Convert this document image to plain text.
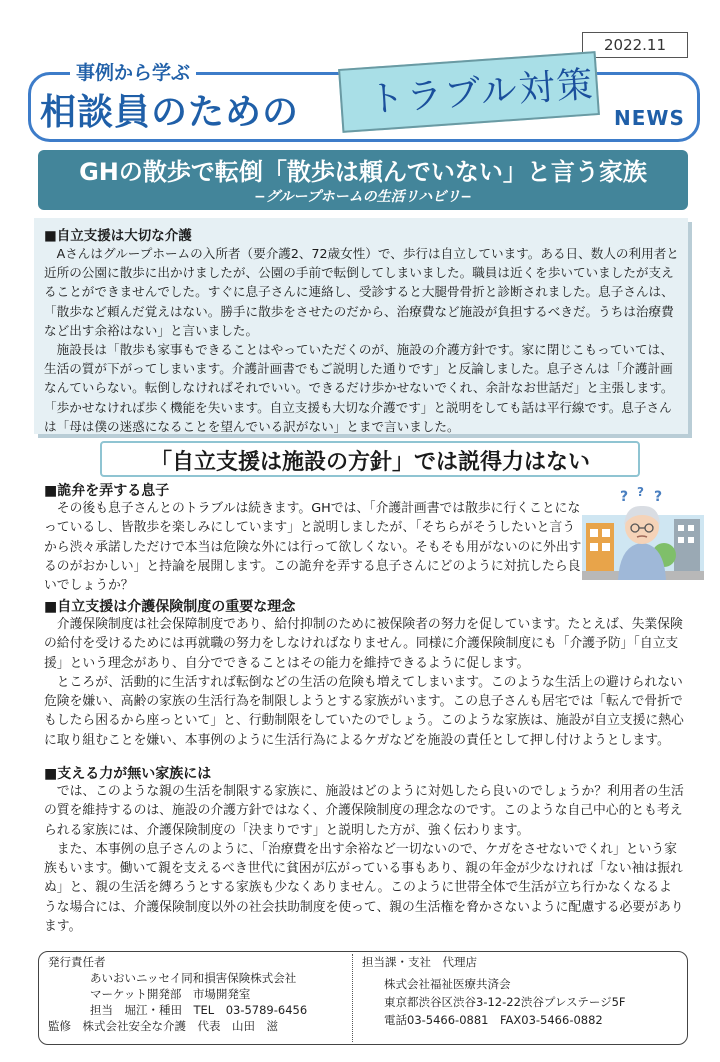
2022.11
事例から学ぶ
相談員のための トラブル対策 NEWS
GHの散歩で転倒「散歩は頼んでいない」と言う家族
−グループホームの生活リハビリ−
■自立支援は大切な介護

Aさんはグループホームの入所者（要介護2、72歳女性）で、歩行は自立しています。ある日、数人の利用者と近所の公園に散歩に出かけましたが、公園の手前で転倒してしまいました。職員は近くを歩いていましたが支えることができませんでした。すぐに息子さんに連絡し、受診すると大腿骨骨折と診断されました。息子さんは、「散歩など頼んだ覚えはない。勝手に散歩をさせたのだから、治療費など施設が負担するべきだ。うちは治療費など出す余裕はない」と言いました。

施設長は「散歩も家事もできることはやっていただくのが、施設の介護方針です。家に閉じこもっていては、生活の質が下がってしまいます。介護計画書でもご説明した通りです」と反論しました。息子さんは「介護計画なんていらない。転倒しなければそれでいい。できるだけ歩かせないでくれ、余計なお世話だ」と主張します。「歩かせなければ歩く機能を失います。自立支援も大切な介護です」と説明をしても話は平行線です。息子さんは「母は僕の迷惑になることを望んでいる訳がない」とまで言いました。

「自立支援は施設の方針」では説得力はない
■詭弁を弄する息子

その後も息子さんとのトラブルは続きます。GHでは、「介護計画書では散歩に行くことになっているし、皆散歩を楽しみにしています」と説明しましたが、「そちらがそうしたいと言うから渋々承諾しただけで本当は危険な外には行って欲しくない。そもそも用がないのに外出するのがおかしい」と持論を展開します。この詭弁を弄する息子さんにどのように対抗したら良いでしょうか？

? ? ?
■自立支援は介護保険制度の重要な理念

介護保険制度は社会保障制度であり、給付抑制のために被保険者の努力を促しています。たとえば、失業保険の給付を受けるためには再就職の努力をしなければなりません。同様に介護保険制度にも「介護予防」「自立支援」という理念があり、自分でできることはその能力を維持できるように促します。

ところが、活動的に生活すれば転倒などの生活の危険も増えてしまいます。このような生活上の避けられない危険を嫌い、高齢の家族の生活行為を制限しようとする家族がいます。この息子さんも居宅では「転んで骨折でもしたら困るから座っといて」と、行動制限をしていたのでしょう。このような家族は、施設が自立支援に熱心に取り組むことを嫌い、本事例のように生活行為によるケガなどを施設の責任として押し付けようとします。

■支える力が無い家族には

では、このような親の生活を制限する家族に、施設はどのように対処したら良いのでしょうか？利用者の生活の質を維持するのは、施設の介護方針ではなく、介護保険制度の理念なのです。このような自己中心的とも考えられる家族には、介護保険制度の「決まりです」と説明した方が、強く伝わります。

また、本事例の息子さんのように、「治療費を出す余裕など一切ないので、ケガをさせないでくれ」という家族もいます。働いて親を支えるべき世代に貧困が広がっている事もあり、親の年金が少なければ「ない袖は振れぬ」と、親の生活を縛ろうとする家族も少なくありません。このように世帯全体で生活が立ち行かなくなるような場合には、介護保険制度以外の社会扶助制度を使って、親の生活権を脅かさないように配慮する必要があります。

発行責任者
あいおいニッセイ同和損害保険株式会社
マーケット開発部　市場開発室
担当　堀江・種田　TEL　03-5789-6456
監修　株式会社安全な介護　代表　山田　滋
担当課・支社　代理店
株式会社福祉医療共済会
東京都渋谷区渋谷3-12-22渋谷プレステージ5F
電話03-5466-0881　FAX03-5466-0882
